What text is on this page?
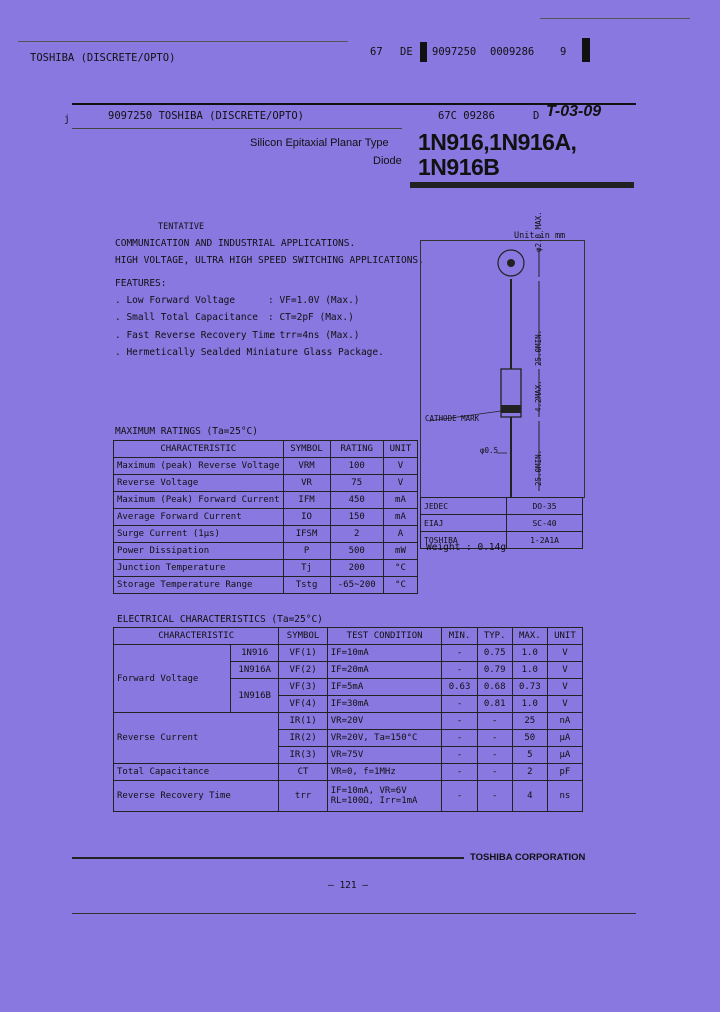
TOSHIBA (DISCRETE/OPTO)	67 DE 9097250 0009286 9
j	9097250 TOSHIBA (DISCRETE/OPTO)	67C 09286	D T-03-09
Silicon Epitaxial Planar Type
Diode
1N916,1N916A,
1N916B
TENTATIVE
COMMUNICATION AND INDUSTRIAL APPLICATIONS.
HIGH VOLTAGE, ULTRA HIGH SPEED SWITCHING APPLICATIONS.
FEATURES:
. Low Forward Voltage	: VF=1.0V (Max.)
. Small Total Capacitance : CT=2pF (Max.)
. Fast Reverse Recovery Time
: trr=4ns (Max.)
. Hermetically Sealded Miniature Glass Package.
Unit in mm
φ2.0 MAX.
25.0MIN.
4.2MAX.
25.0MIN.
φ0.5
CATHODE MARK
JEDEC	DO-35
EIAJ	SC-40
TOSHIBA	1-2A1A
Weight : 0.14g
MAXIMUM RATINGS (Ta=25°C)
CHARACTERISTIC	SYMBOL	RATING	UNIT
Maximum (peak) Reverse Voltage	VRM	100	V
Reverse Voltage	VR	75	V
Maximum (Peak) Forward Current	IFM	450	mA
Average Forward Current	IO	150	mA
Surge Current (1μs)	IFSM	2	A
Power Dissipation	P	500	mW
Junction Temperature	Tj	200	°C
Storage Temperature Range	Tstg	-65~200	°C
ELECTRICAL CHARACTERISTICS (Ta=25°C)
CHARACTERISTIC		SYMBOL	TEST CONDITION	MIN.	TYP.	MAX.	UNIT
Forward Voltage	1N916	VF(1)	IF=10mA	-	0.75	1.0	V
	1N916A	VF(2)	IF=20mA	-	0.79	1.0	V
	1N916B	VF(3)	IF=5mA	0.63	0.68	0.73	V
		VF(4)	IF=30mA	-	0.81	1.0	V
Reverse Current		IR(1)	VR=20V	-	-	25	nA
		IR(2)	VR=20V, Ta=150°C	-	-	50	μA
		IR(3)	VR=75V	-	-	5	μA
Total Capacitance		CT	VR=0, f=1MHz	-	-	2	pF
Reverse Recovery Time		trr	IF=10mA, VR=6V
RL=100Ω, Irr=1mA	-	-	4	ns
TOSHIBA CORPORATION
— 121 —
